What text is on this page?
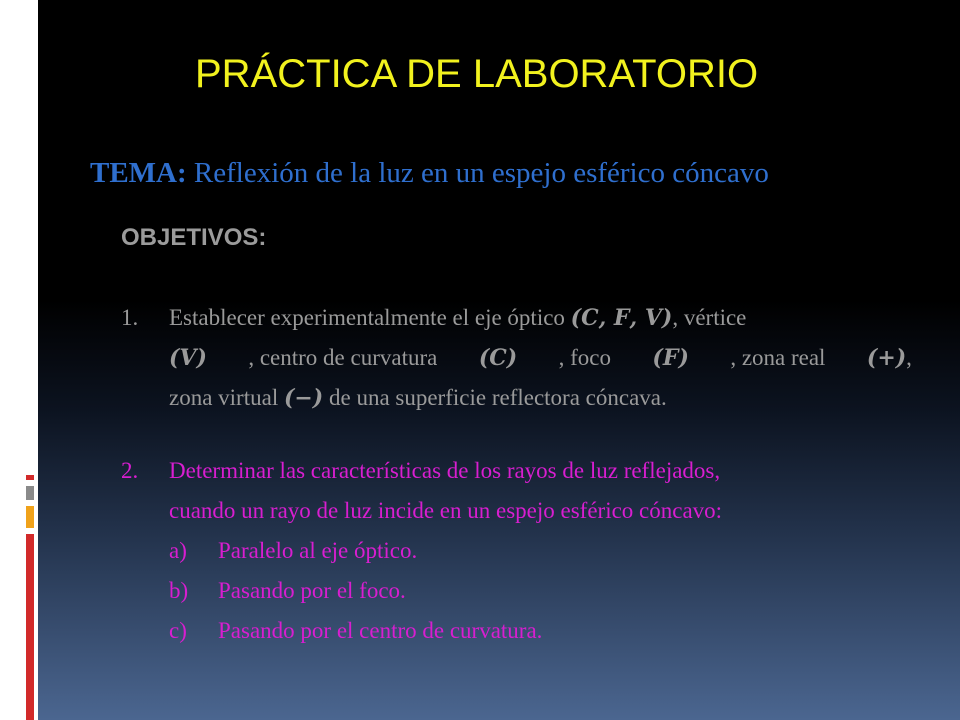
PRÁCTICA DE LABORATORIO
TEMA: Reflexión de la luz en un espejo esférico cóncavo
OBJETIVOS:
1. Establecer experimentalmente el eje óptico (𝑪, 𝑭, 𝑽), vértice
(𝑽) , centro de curvatura (𝑪) , foco (𝑭) , zona real (+),
zona virtual (−) de una superficie reflectora cóncava.
2. Determinar las características de los rayos de luz reflejados,
cuando un rayo de luz incide en un espejo esférico cóncavo:
a) Paralelo al eje óptico.
b) Pasando por el foco.
c) Pasando por el centro de curvatura.
